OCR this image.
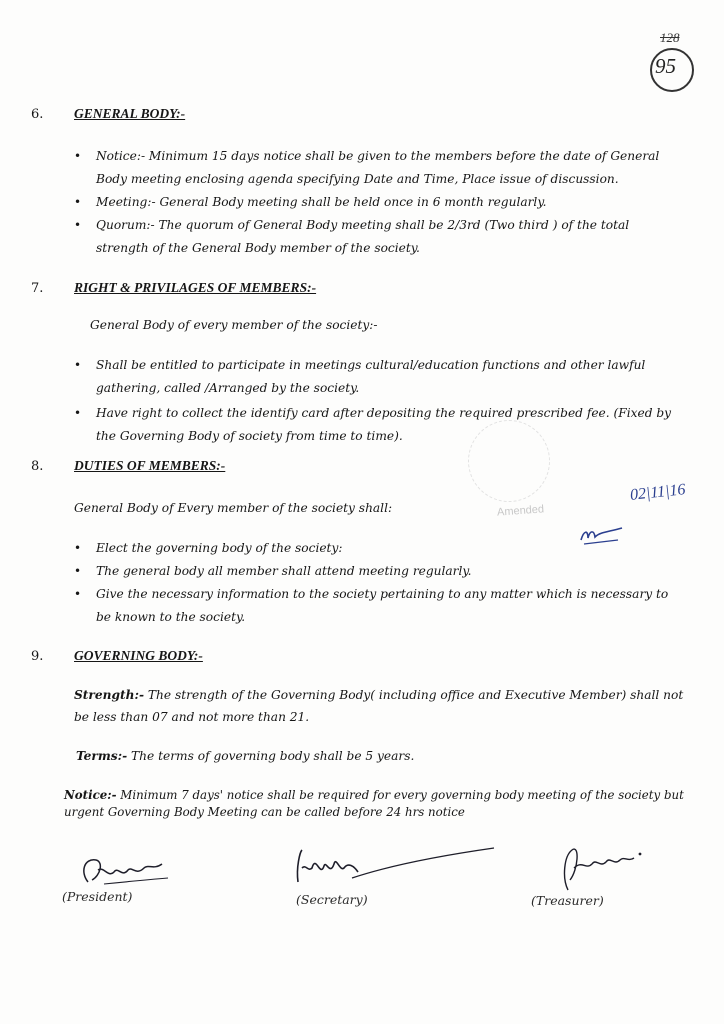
128
95
6. GENERAL BODY:-
• Notice:- Minimum 15 days notice shall be given to the members before the date of General Body meeting enclosing agenda specifying Date and Time, Place issue of discussion.
• Meeting:- General Body meeting shall be held once in 6 month regularly.
• Quorum:- The quorum of General Body meeting shall be 2/3rd (Two third ) of the total strength of the General Body member of the society.
7. RIGHT & PRIVILAGES OF MEMBERS:-
General Body of every member of the society:-
• Shall be entitled to participate in meetings cultural/education functions and other lawful gathering, called /Arranged by the society.
• Have right to collect the identify card after depositing the required prescribed fee. (Fixed by the Governing Body of society from time to time).
8. DUTIES OF MEMBERS:-
General Body of Every member of the society shall:
• Elect the governing body of the society:
• The general body all member shall attend meeting regularly.
• Give the necessary information to the society pertaining to any matter which is necessary to be known to the society.
Amended
02|11|16
9. GOVERNING BODY:-
Strength:- The strength of the Governing Body( including office and Executive Member) shall not be less than 07 and not more than 21.
Terms:- The terms of governing body shall be 5 years.
Notice:- Minimum 7 days' notice shall be required for every governing body meeting of the society but urgent Governing Body Meeting can be called before 24 hrs notice
(President)	(Secretary)	(Treasurer)
